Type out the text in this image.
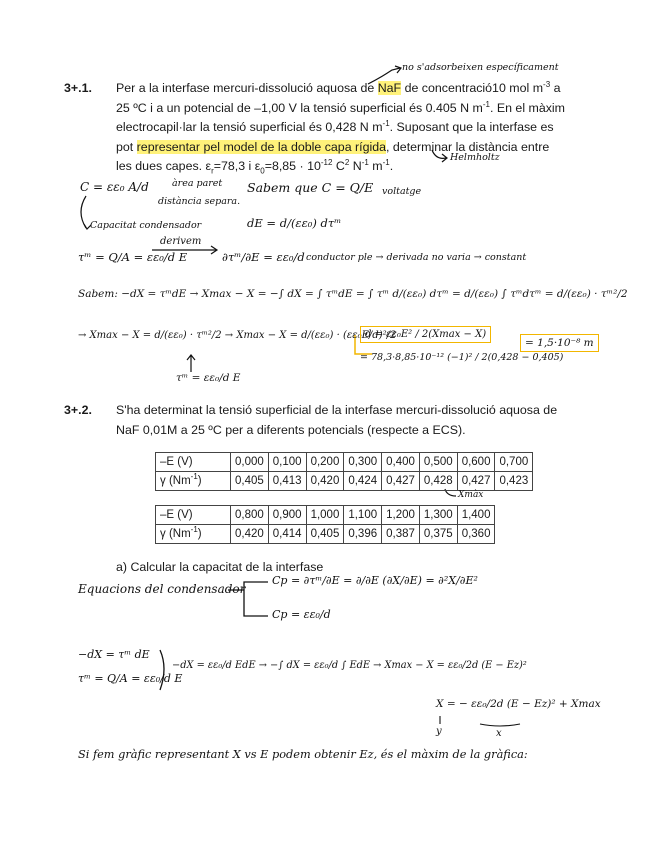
3+.1. Per a la interfase mercuri-dissolució aquosa de NaF de concentració10 mol $m^{-3}$ a
25 ºC i a un potencial de –1,00 V la tensió superficial és 0.405 N $m^{-1}$. En el màxim
electrocapil·lar la tensió superficial és 0,428 N $m^{-1}$. Suposant que la interfase es
pot representar pel model de la doble capa rígida, determinar la distància entre
les dues capes. $\varepsilon_r=78,3$ i $\varepsilon_0=8,85 \cdot 10^{-12}$ $C^2$ $N^{-1}$ $m^{-1}$.
no s'adsorbeixen específicament
Helmholtz
C = εε₀ A/d àrea paret
distància separa.
Capacitat condensador
Sabem que C = Q/E voltatge
dE = d/(εε₀) dτᵐ
τᵐ = Q/A = εε₀/d E
derivem
∂τᵐ/∂E = εε₀/d conductor ple → derivada no varia → constant
Sabem: −dX = τᵐdE → Xmax − X = −∫ dX = ∫ τᵐdE = ∫ τᵐ d/(εε₀) dτᵐ = d/(εε₀) ∫ τᵐdτᵐ = d/(εε₀) · τᵐ²/2
→ Xmax − X = d/(εε₀) · τᵐ²/2 → Xmax − X = d/(εε₀) · (εε₀E/d)²/2
d = εε₀E² / 2(Xmax − X)
= 78,3·8,85·10⁻¹² (−1)² / 2(0,428 − 0,405)
= 1,5·10⁻⁸ m
τᵐ = εε₀/d E
3+.2. S'ha determinat la tensió superficial de la interfase mercuri-dissolució aquosa de
NaF 0,01M a 25 ºC per a diferents potencials (respecte a ECS).
–E (V)	0,000	0,100	0,200	0,300	0,400	0,500	0,600	0,700
γ $(Nm^{-1})$	0,405	0,413	0,420	0,424	0,427	0,428	0,427	0,423
Xmàx
–E (V)	0,800	0,900	1,000	1,100	1,200	1,300	1,400
γ $(Nm^{-1})$	0,420	0,414	0,405	0,396	0,387	0,375	0,360
a) Calcular la capacitat de la interfase
Equacions del condensador
Cp = ∂τᵐ/∂E = ∂/∂E (∂X/∂E) = ∂²X/∂E²
Cp = εε₀/d
−dX = τᵐ dE
τᵐ = Q/A = εε₀/d E
−dX = εε₀/d EdE → −∫ dX = εε₀/d ∫ EdE → Xmax − X = εε₀/2d (E − Ez)²
X = − εε₀/2d (E − Ez)² + Xmax
y	x
Si fem gràfic representant X vs E podem obtenir Ez, és el màxim de la gràfica:
